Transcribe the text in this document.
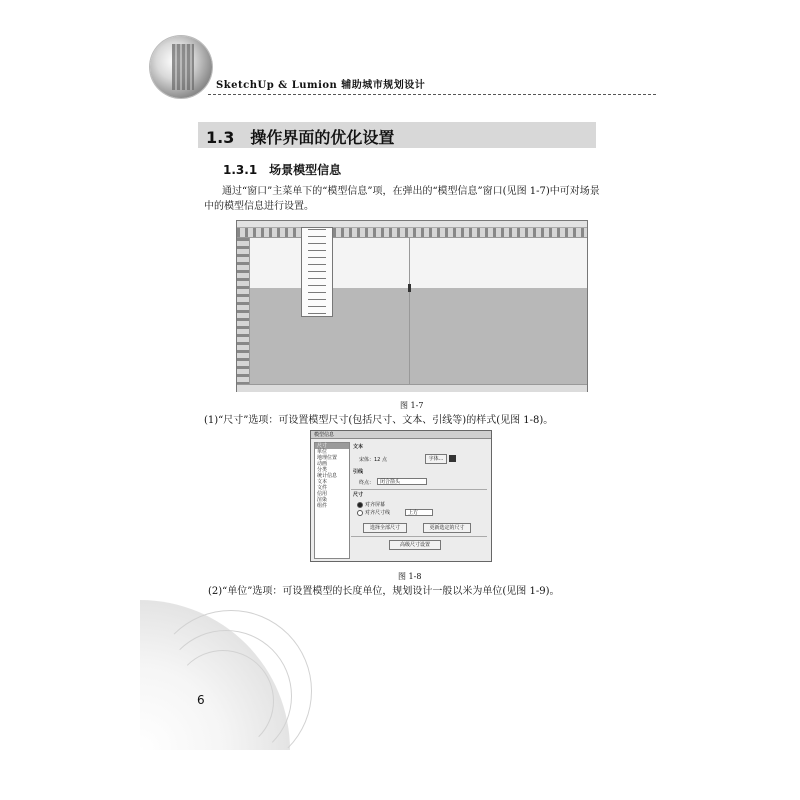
SketchUp & Lumion 辅助城市规划设计
1.3　操作界面的优化设置
1.3.1　场景模型信息
通过“窗口”主菜单下的“模型信息”项，在弹出的“模型信息”窗口(见图 1-7)中可对场景
中的模型信息进行设置。
图 1-7
(1)“尺寸”选项：可设置模型尺寸(包括尺寸、文本、引线等)的样式(见图 1-8)。
模型信息
尺寸
单位
地理位置
动画
分类
统计信息
文本
文件
信用
渲染
组件
文本
宋体：12 点	字体...
引线
终点：	闭合箭头
尺寸
对齐屏幕
对齐尺寸线	上方
选择全部尺寸	更新选定的尺寸
高级尺寸设置
图 1-8
(2)“单位”选项：可设置模型的长度单位，规划设计一般以米为单位(见图 1-9)。
6
